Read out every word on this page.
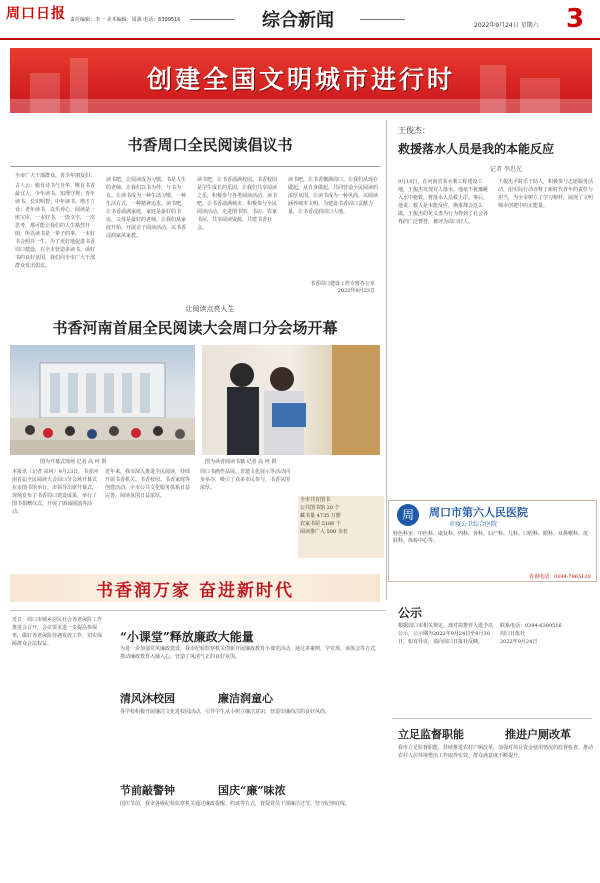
周口日报 责任编辑：李一 美术编辑：周源 电话：6399516	综合新闻	2022年9月24日 星期六 3
创建全国文明城市进行时
书香周口全民阅读倡议书
全市广大干部群众、青少年朋友们：
古人云：腹有诗书气自华。唯有书香最宜人，少年读书，知理守规；青年读书，长识明智；中年读书，增才立业；老年读书，以乐养心。阅读是一座宝库，一本好书，一段文字，一次思考，都可能让我们的人生豁然开朗，所以读书是一辈子的事，一本好书会照亮一生。为了更好地促进书香周口建设，在全市营造多读书、读好书的良好氛围，我们向全市广大干部群众发出倡议。
读书吧，让阅读成为习惯。书是人生的老师，让我们以书为伴，与书为友。让读书成为一种生活习惯，一种生活方式，一种精神追求。读书吧，让书香溢满家庭。家庭是最好的书房，父母是最好的老师，让我们从家庭开始，开展亲子阅读活动，以书香浸润家风家教。
读书吧，让书香溢满校园。书香校园是学生成长的乐园，让我们共享阅读之乐，积极参与各类阅读活动。读书吧，让书香溢满城市。积极参与全民阅读活动，走进图书馆、书店、农家书屋，共享阅读资源，共建书香社会。
读书吧，让书香飘满周口。让我们从现在做起，从自身做起，共同营造全民阅读的浓厚氛围，让读书成为一种风尚，以阅读涵养城市文明，为建设书香周口贡献力量，让书香浸润周口大地。
书香周口建设工作专班办公室
2022年9月23日
让阅读点亮人生
书香河南首届全民阅读大会周口分会场开幕
图为开幕式现场 记者 高 珂 摄	图为读者阅读书籍 记者 高 珂 摄
本报讯（记者 高珂）9月23日，书香河南首届全民阅读大会周口分会场开幕式在市图书馆举行。市领导出席开幕式，现场发布了书香周口建设成果，举行了图书捐赠仪式，开展了朗诵展演等活动。
近年来，我市深入推进全民阅读，持续开展书香机关、书香校园、书香家庭等创建活动，全市公共文化服务体系日益完善，阅读氛围日益浓厚。
周口书画作品展、非遗文化展示等活动同步举办，吸引了众多市民参与，书香氛围浓厚。
全市共有图书
公共图书馆 20 个
藏书量 4735 万册
农家书屋 5186 个
阅读推广人 500 余名
书香润万家 奋进新时代
王俊杰：
救援落水人员是我的本能反应
记者 李思光
9月10日，在河南省某水利工程建设工地，王俊杰发现有人落水，他毫不犹豫跳入水中施救，将落水人员救上岸。事后，他说：救人是本能反应，换谁都会这么做。王俊杰的见义勇为行为得到了社会各界的广泛赞誉，被评为周口好人。
王俊杰平时乐于助人，积极参与志愿服务活动，用实际行动诠释了新时代青年的责任与担当，为全市树立了学习榜样，展现了文明城市创建中的正能量。
周	周口市第六人民医院
市疫公卫综合医院
特色科室：中医科、康复科、内科、外科、妇产科、儿科、口腔科、眼科、耳鼻喉科、皮肤科、体检中心等。
咨询电话：0394-7865120
公示
根据周口市相关规定，现对拟推荐人选予以公示，公示期为2022年9月24日至9月30日，如有异议，请向周口日报社反映。
联系电话：0394-6399516
周口日报社
2022年9月24日
近日，周口市城乡居民社会养老保险工作推进会召开，会议要求进一步提高参保率，做好养老保险待遇发放工作，切实保障群众合法权益。	“小课堂”释放廉政大能量
为进一步加强党风廉政建设，我市纪检监察机关创新开展廉政教育小课堂活动，通过讲案例、学党规、谈体会等方式，推动廉政教育入脑入心，营造了风清气正的良好氛围。
清风沐校园	廉洁润童心
各学校积极开展廉洁文化进校园活动，引导学生从小树立廉洁意识，营造崇廉尚洁的良好风尚。
节前敲警钟	国庆“廉”味浓
国庆节前，我市各级纪检监察机关通过廉政提醒、约谈等方式，督促党员干部廉洁过节，坚守纪律底线。
立足监督职能	推进户厕改革
我市立足监督职能，持续推进农村户厕改革，加强对项目资金使用情况的监督检查，推动农村人居环境整治工作取得实效，群众满意度不断提升。
